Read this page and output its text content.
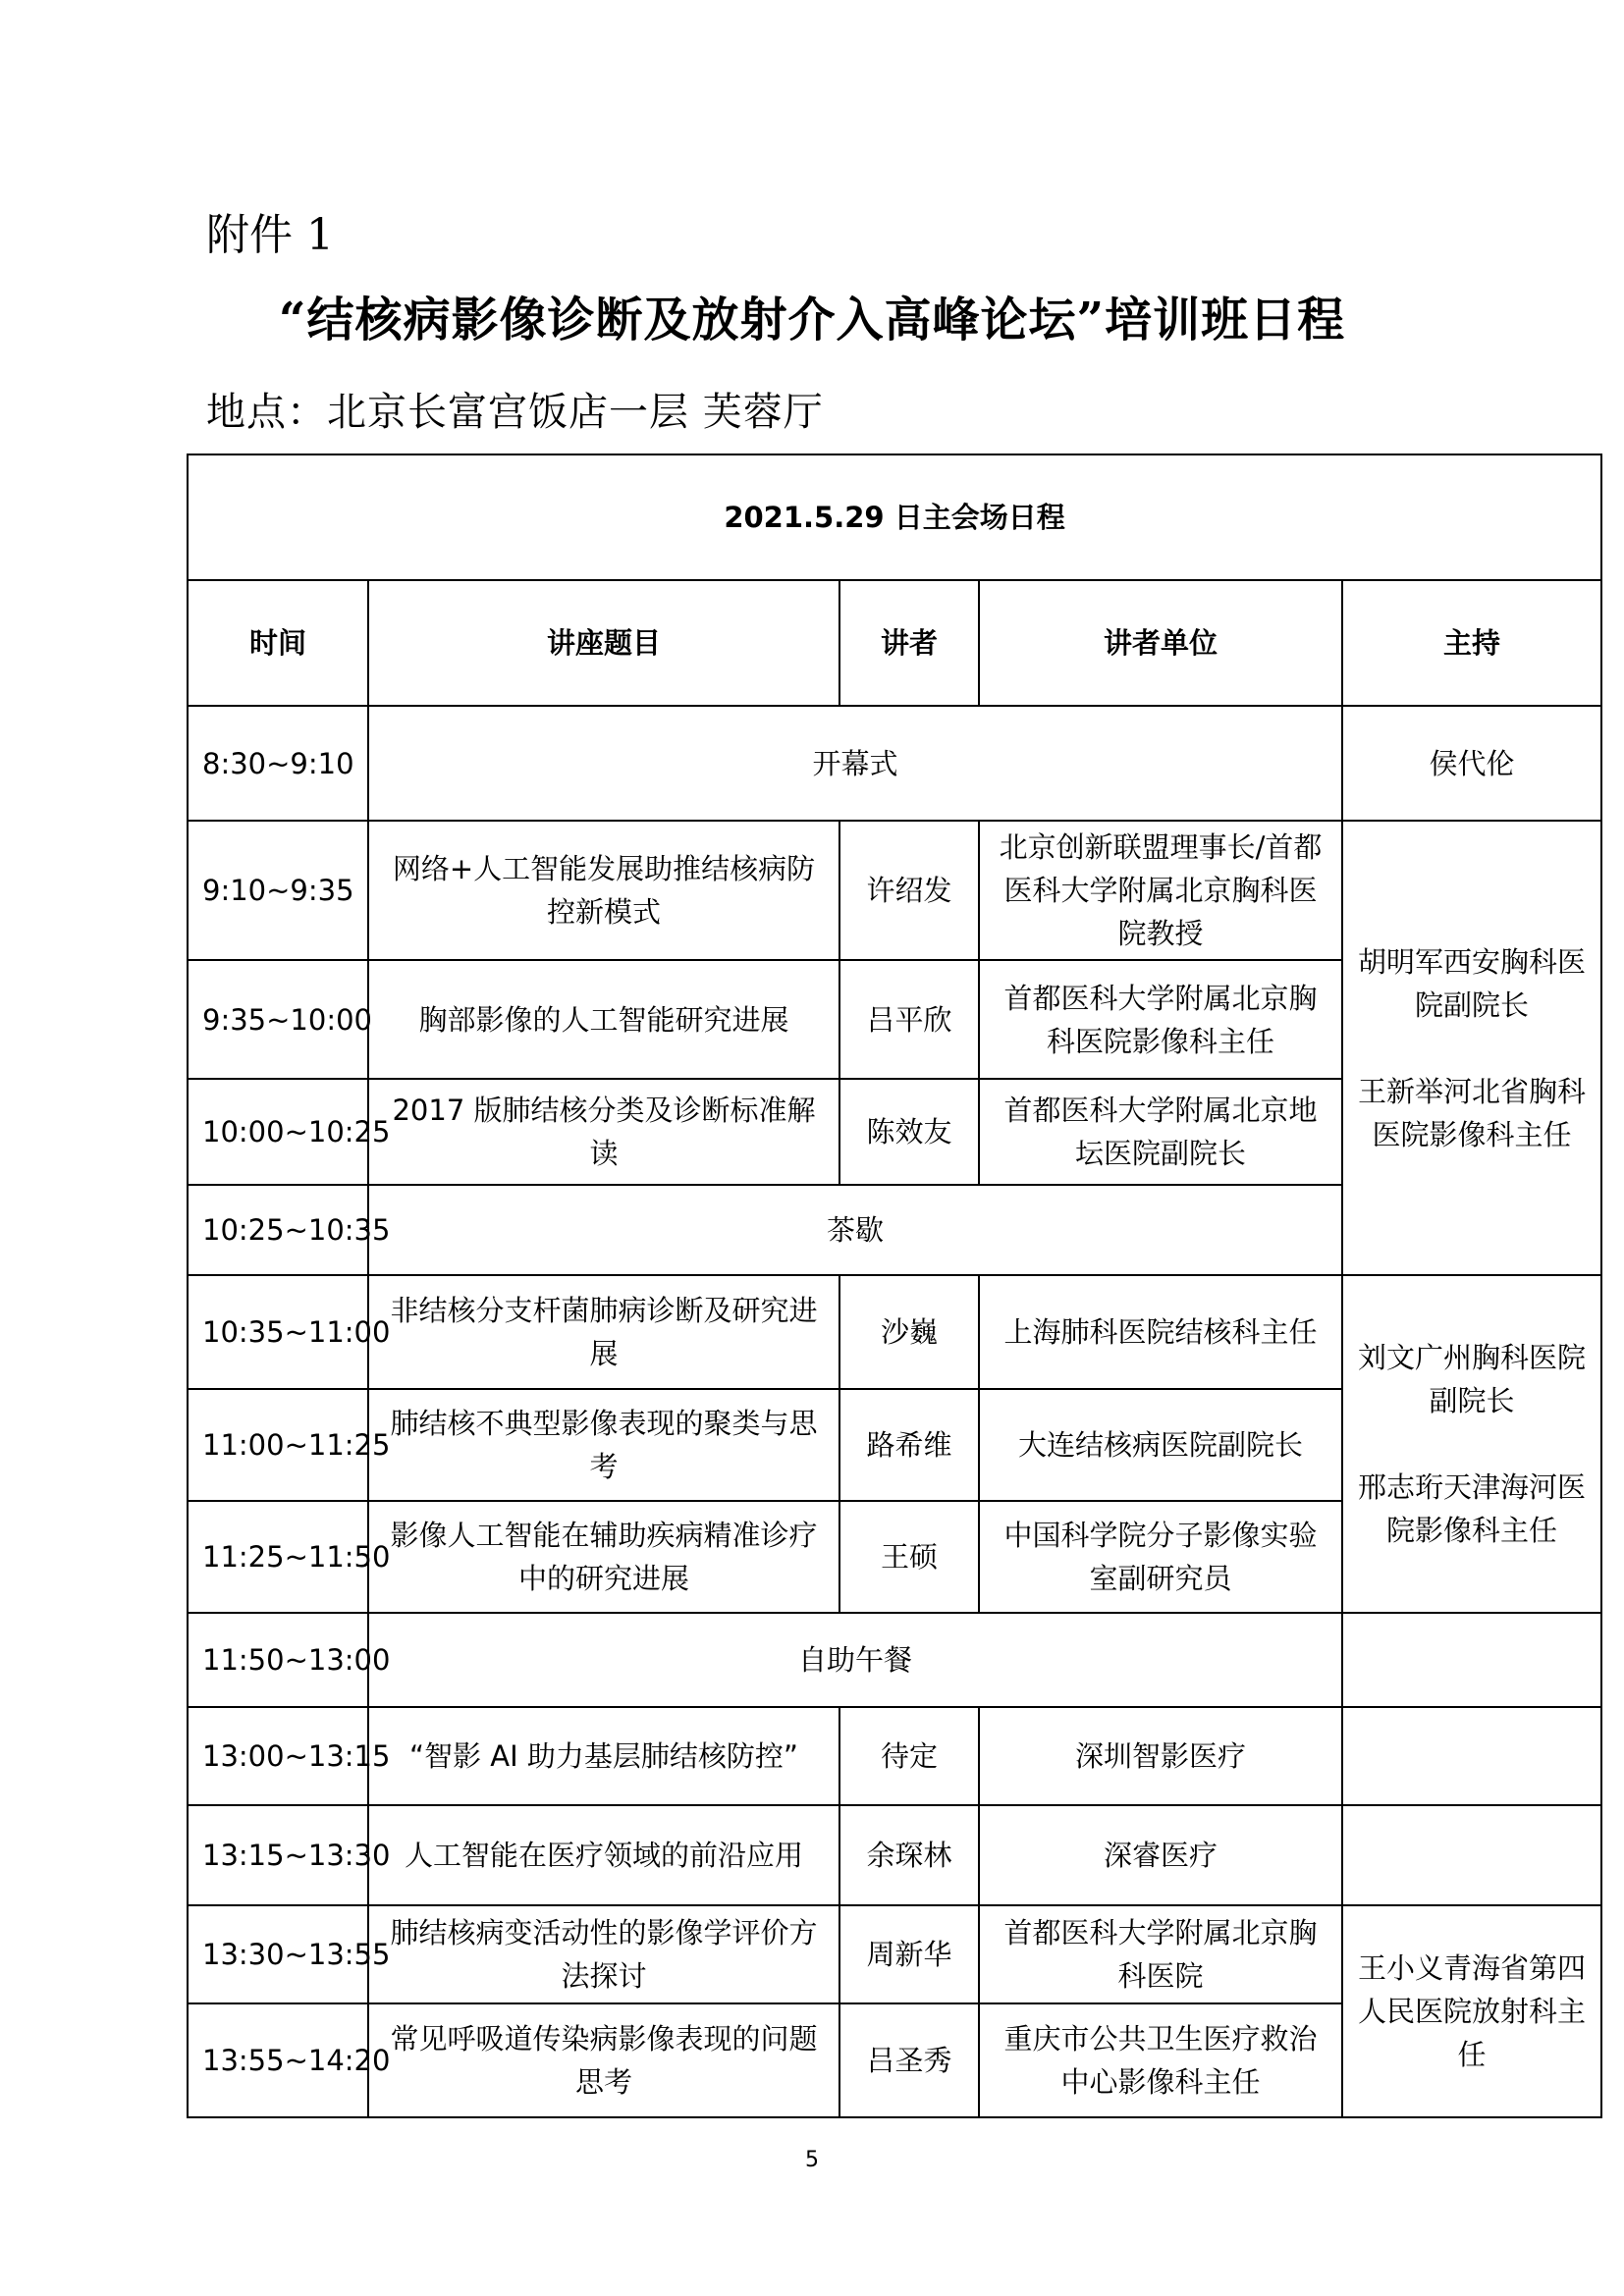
附件 1
“结核病影像诊断及放射介入高峰论坛”培训班日程
地点：北京长富宫饭店一层 芙蓉厅
2021.5.29 日主会场日程				
时间	讲座题目	讲者	讲者单位	主持
8:30~9:10	开幕式			侯代伦
9:10~9:35	网络+人工智能发展助推结核病防控新模式	许绍发	北京创新联盟理事长/首都医科大学附属北京胸科医院教授	胡明军西安胸科医院副院长
王新举河北省胸科医院影像科主任

9:35~10:00	胸部影像的人工智能研究进展	吕平欣	首都医科大学附属北京胸科医院影像科主任	
10:00~10:25	2017 版肺结核分类及诊断标准解读	陈效友	首都医科大学附属北京地坛医院副院长	
10:25~10:35	茶歇			
10:35~11:00	非结核分支杆菌肺病诊断及研究进展	沙巍	上海肺科医院结核科主任	刘文广州胸科医院副院长
邢志珩天津海河医院影像科主任

11:00~11:25	肺结核不典型影像表现的聚类与思考	路希维	大连结核病医院副院长	
11:25~11:50	影像人工智能在辅助疾病精准诊疗中的研究进展	王硕	中国科学院分子影像实验室副研究员	
11:50~13:00	自助午餐			
13:00~13:15	“智影 AI 助力基层肺结核防控”	待定	深圳智影医疗	
13:15~13:30	人工智能在医疗领域的前沿应用	余琛林	深睿医疗	
13:30~13:55	肺结核病变活动性的影像学评价方法探讨	周新华	首都医科大学附属北京胸科医院	王小义青海省第四人民医院放射科主任

13:55~14:20	常见呼吸道传染病影像表现的问题思考	吕圣秀	重庆市公共卫生医疗救治中心影像科主任	
5
